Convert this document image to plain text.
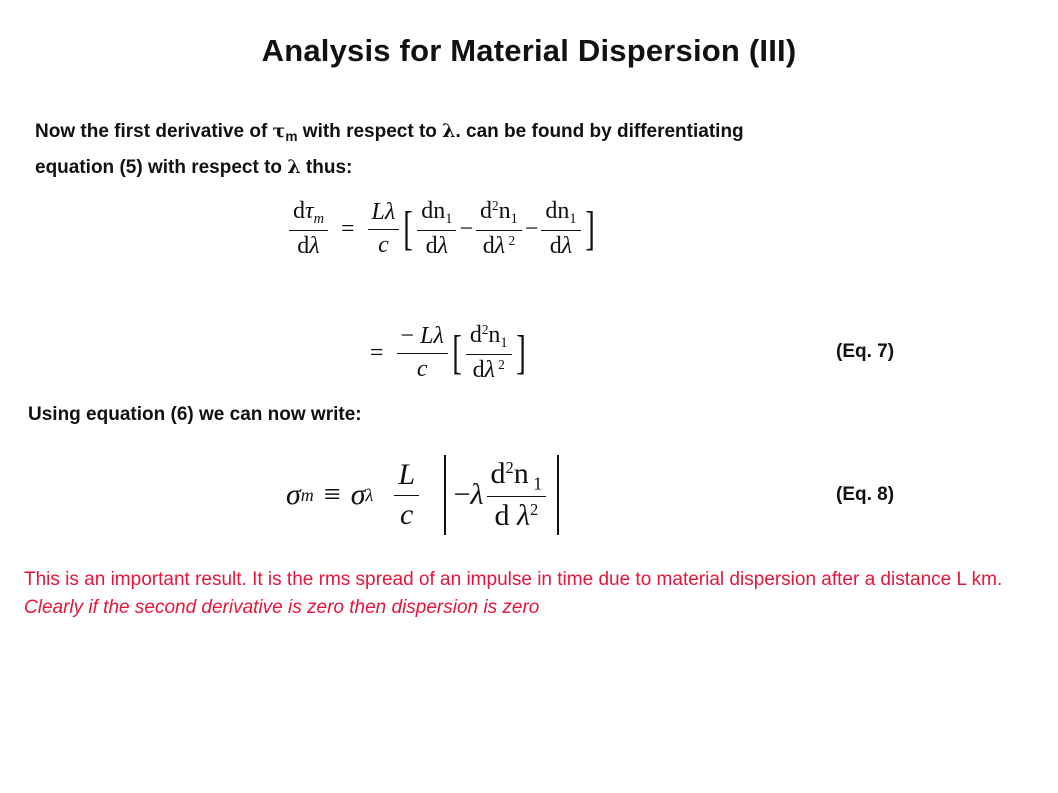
Analysis for Material Dispersion (III)
Now the first derivative of $\tau_m$ with respect to λ. can be found by differentiating
equation (5) with respect to λ thus:
$\frac{d\tau_m}{d\lambda} = \frac{L\lambda}{c}$ [ $\frac{dn_1}{d\lambda} - \frac{d^2n_1}{d\lambda ^2} - \frac{dn_1}{d\lambda}$ ]
= $\frac{- L\lambda}{c}$ [ $\frac{d^2n_1}{d\lambda ^2}$ ]	(Eq. 7)
Using equation (6) we can now write:
σ m ≡ σ λ $\frac{L}{c} -\lambda \frac{d^2n _1}{d \lambda^2}$	(Eq. 8)
This is an important result. It is the rms spread of an impulse in time due to material dispersion after a distance L km. Clearly if the second derivative is zero then dispersion is zero
